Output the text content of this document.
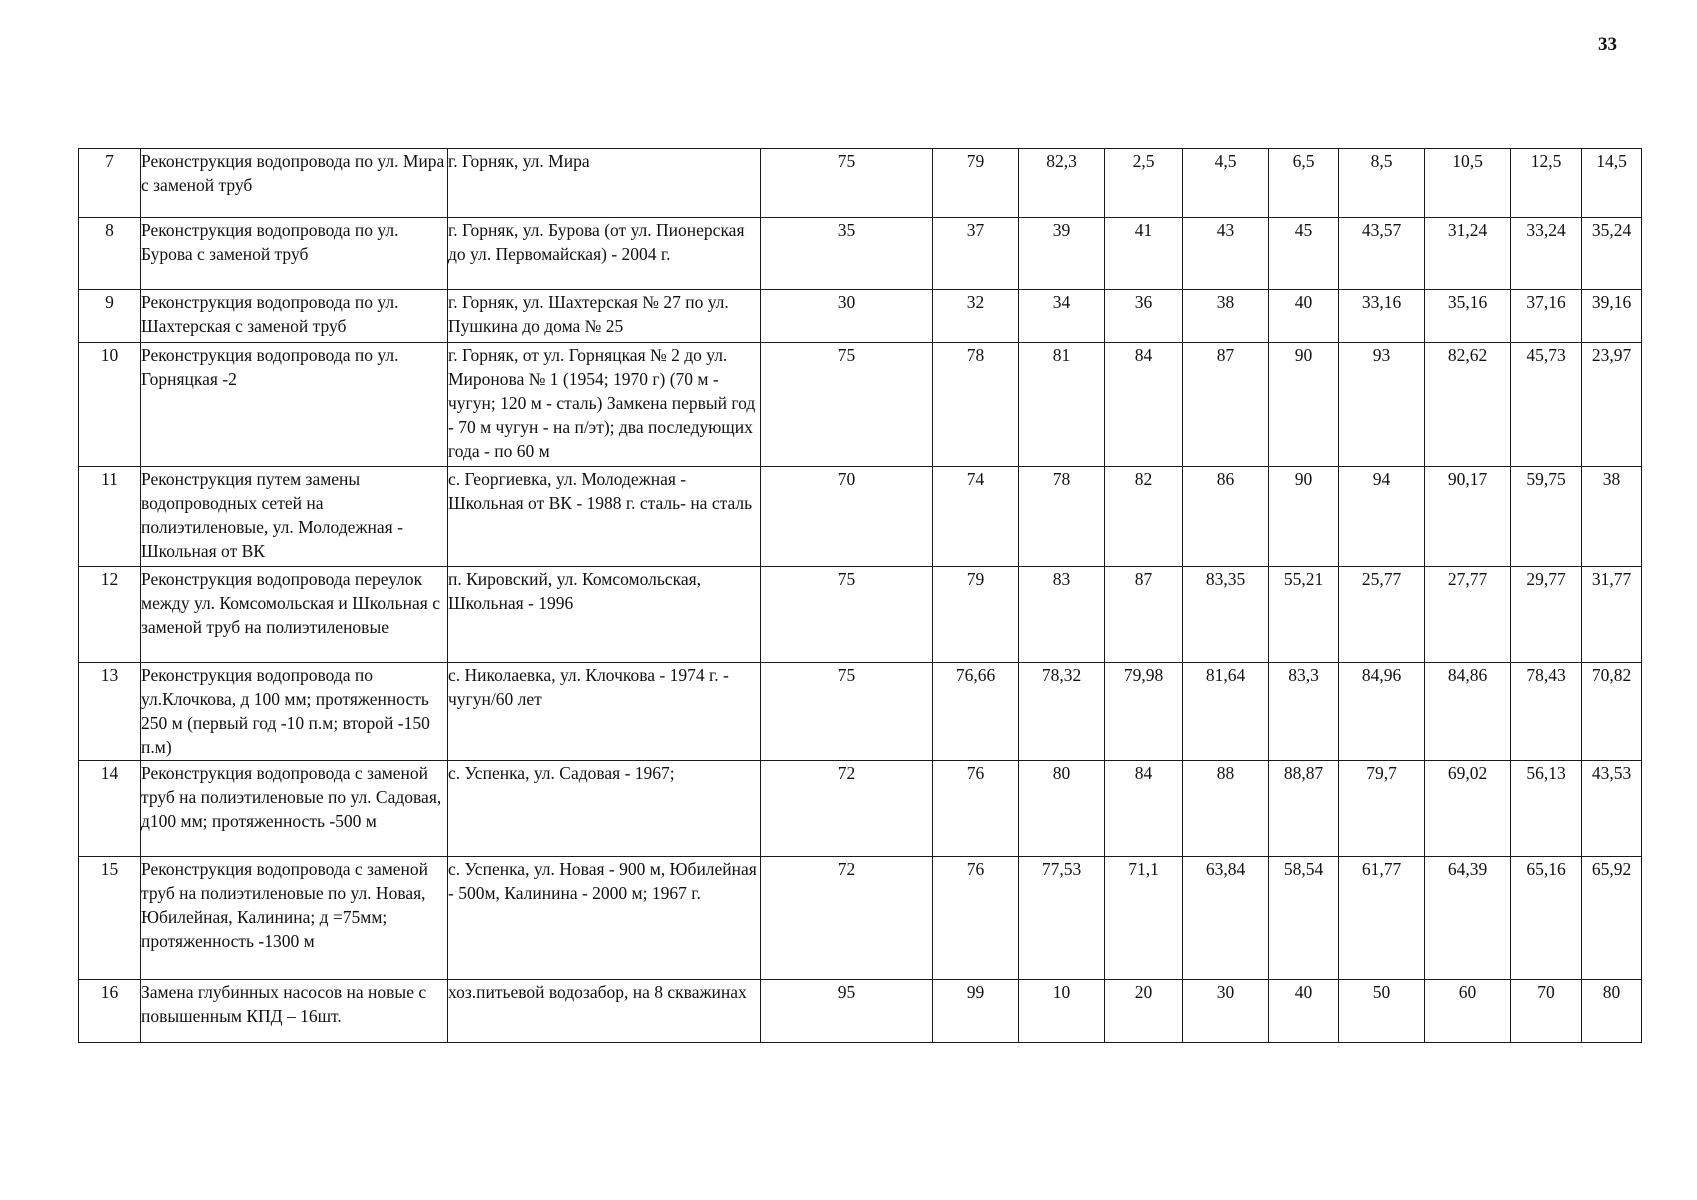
33
7	Реконструкция водопровода по ул. Мира с заменой труб	г. Горняк, ул. Мира	75	79	82,3	2,5	4,5	6,5	8,5	10,5	12,5	14,5
8	Реконструкция водопровода по ул. Бурова с заменой труб	г. Горняк, ул. Бурова (от ул. Пионерская до ул. Первомайская) - 2004 г.	35	37	39	41	43	45	43,57	31,24	33,24	35,24
9	Реконструкция водопровода по ул. Шахтерская с заменой труб	г. Горняк, ул. Шахтерская № 27 по ул. Пушкина до дома № 25	30	32	34	36	38	40	33,16	35,16	37,16	39,16
10	Реконструкция водопровода по ул. Горняцкая -2	г. Горняк, от ул. Горняцкая № 2 до ул. Миронова № 1 (1954; 1970 г) (70 м - чугун; 120 м - сталь) Замкена первый год - 70 м чугун - на п/эт); два последующих года - по 60 м	75	78	81	84	87	90	93	82,62	45,73	23,97
11	Реконструкция путем замены водопроводных сетей на полиэтиленовые, ул. Молодежная - Школьная от ВК	с. Георгиевка, ул. Молодежная - Школьная от ВК - 1988 г. сталь- на сталь	70	74	78	82	86	90	94	90,17	59,75	38
12	Реконструкция водопровода переулок между ул. Комсомольская и Школьная с заменой труб на полиэтиленовые	п. Кировский, ул. Комсомольская, Школьная - 1996	75	79	83	87	83,35	55,21	25,77	27,77	29,77	31,77
13	Реконструкция водопровода по ул.Клочкова, д 100 мм; протяженность 250 м (первый год -10 п.м; второй -150 п.м)	с. Николаевка, ул. Клочкова - 1974 г. - чугун/60 лет	75	76,66	78,32	79,98	81,64	83,3	84,96	84,86	78,43	70,82
14	Реконструкция водопровода с заменой труб на полиэтиленовые по ул. Садовая, д100 мм; протяженность -500 м	с. Успенка, ул. Садовая - 1967;	72	76	80	84	88	88,87	79,7	69,02	56,13	43,53
15	Реконструкция водопровода с заменой труб на полиэтиленовые по ул. Новая, Юбилейная, Калинина; д =75мм; протяженность -1300 м	с. Успенка, ул. Новая - 900 м, Юбилейная - 500м, Калинина - 2000 м; 1967 г.	72	76	77,53	71,1	63,84	58,54	61,77	64,39	65,16	65,92
16	Замена глубинных насосов на новые с повышенным КПД – 16шт.	хоз.питьевой водозабор, на 8 скважинах	95	99	10	20	30	40	50	60	70	80
